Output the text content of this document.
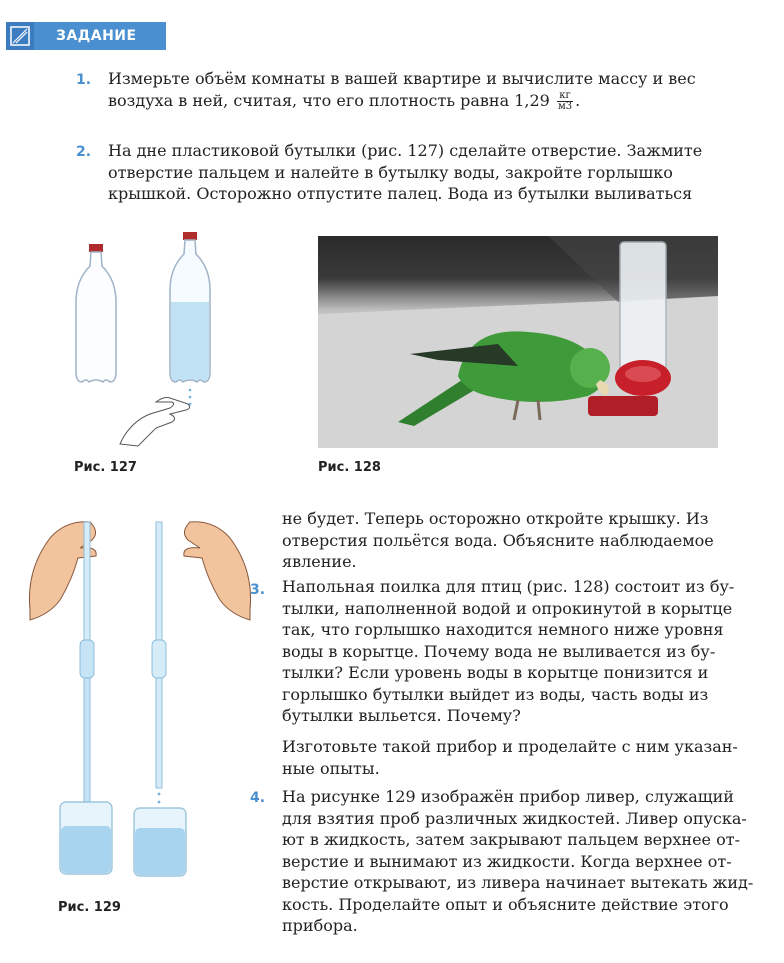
ЗАДАНИЕ
1. Измерьте объём комнаты в вашей квартире и вычислите массу и вес
воздуха в ней, считая, что его плотность равна $1,29 \frac{кг}{м3}$ .
2. На дне пластиковой бутылки (рис. 127) сделайте отверстие. Зажмите
отверстие пальцем и налейте в бутылку воды, закройте горлышко
крышкой. Осторожно отпустите палец. Вода из бутылки выливаться
Рис. 127	Рис. 128
Рис. 129
не будет. Теперь осторожно откройте крышку. Из
отверстия польётся вода. Объясните наблюдаемое
явление.
3. Напольная поилка для птиц (рис. 128) состоит из бу-
тылки, наполненной водой и опрокинутой в корытце
так, что горлышко находится немного ниже уровня
воды в корытце. Почему вода не выливается из бу-
тылки? Если уровень воды в корытце понизится и
горлышко бутылки выйдет из воды, часть воды из
бутылки выльется. Почему?
Изготовьте такой прибор и проделайте с ним указан-
ные опыты.
4. На рисунке 129 изображён прибор ливер, служащий
для взятия проб различных жидкостей. Ливер опуска-
ют в жидкость, затем закрывают пальцем верхнее от-
верстие и вынимают из жидкости. Когда верхнее от-
верстие открывают, из ливера начинает вытекать жид-
кость. Проделайте опыт и объясните действие этого
прибора.
